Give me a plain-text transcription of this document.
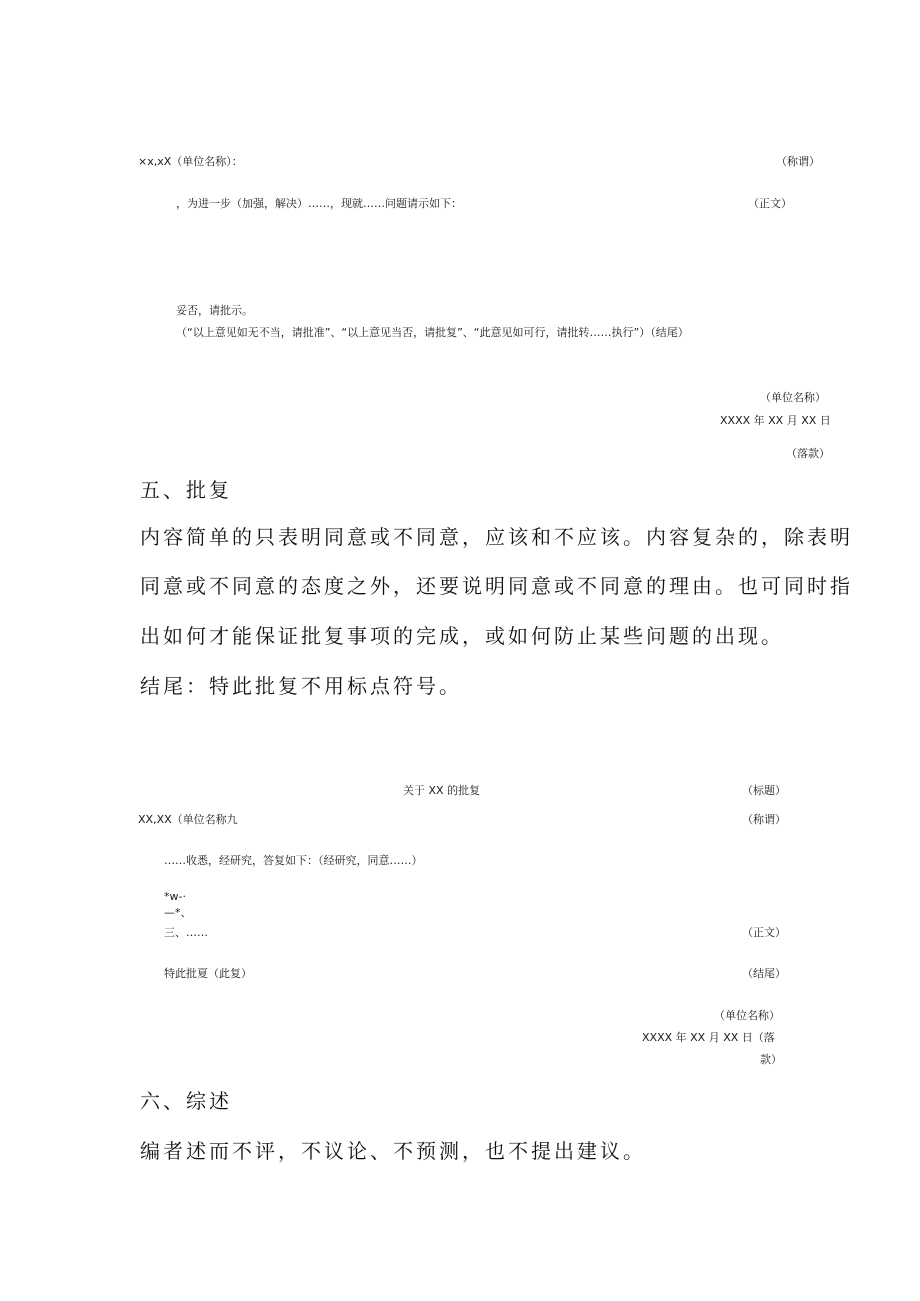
×x,xX（单位名称）：	（称谓）
，为进一步（加强，解决）……，现就……问题请示如下：	（正文）
妥否，请批示。
（“以上意见如无不当，请批准”、“以上意见当否，请批复”、“此意见如可行，请批转……执行”）（结尾）
（单位名称）
XXXX 年 XX 月 XX 日
（落款）
五、批复
内容简单的只表明同意或不同意，应该和不应该。内容复杂的，除表明
同意或不同意的态度之外，还要说明同意或不同意的理由。也可同时指
出如何才能保证批复事项的完成，或如何防止某些问题的出现。
结尾：特此批复不用标点符号。
关于 XX 的批复	（标题）
XX,XX（单位名称九	（称谓）
……收悉，经研究，答复如下：（经研究，同意……）
*w-·
—*、
三、……	（正文）
特此批夏（此复）	（结尾）
（单位名称）
XXXX 年 XX 月 XX 日（落
款）
六、综述
编者述而不评，不议论、不预测，也不提出建议。
